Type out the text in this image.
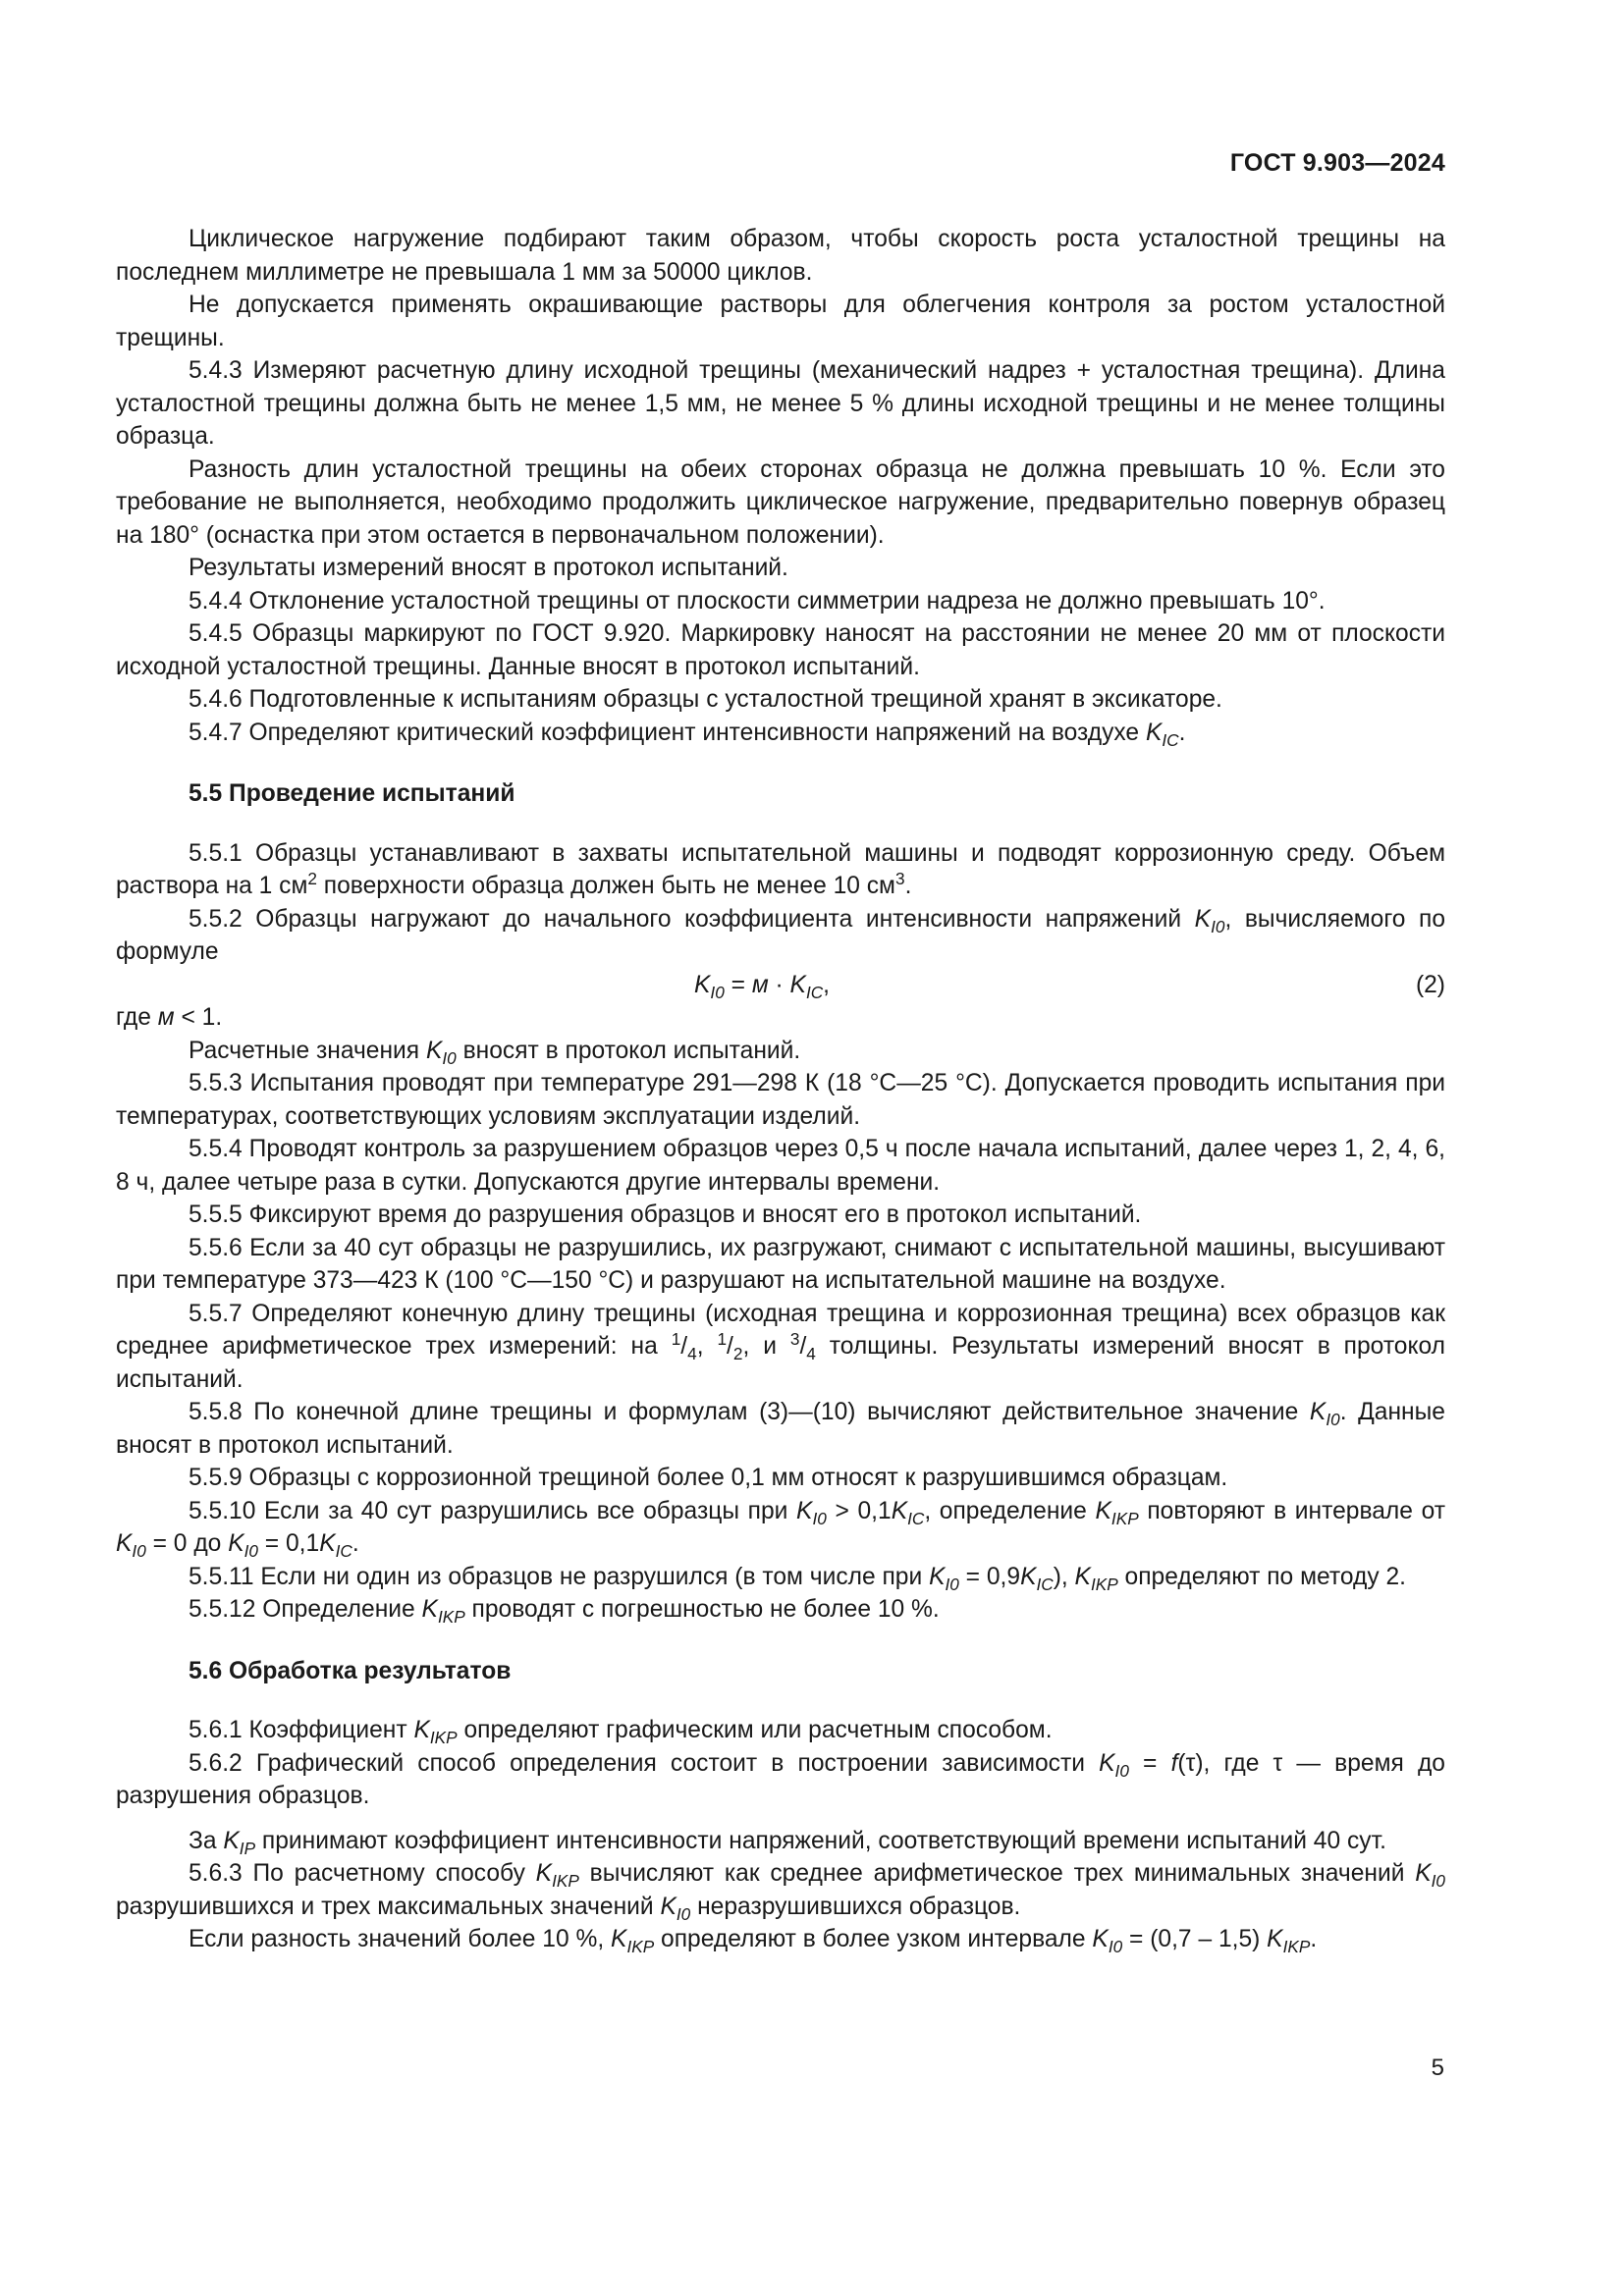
ГОСТ 9.903—2024

Циклическое нагружение подбирают таким образом, чтобы скорость роста усталостной трещины на последнем миллиметре не превышала 1 мм за 50000 циклов.

Не допускается применять окрашивающие растворы для облегчения контроля за ростом усталостной трещины.

5.4.3 Измеряют расчетную длину исходной трещины (механический надрез + усталостная трещина). Длина усталостной трещины должна быть не менее 1,5 мм, не менее 5 % длины исходной трещины и не менее толщины образца.

Разность длин усталостной трещины на обеих сторонах образца не должна превышать 10 %. Если это требование не выполняется, необходимо продолжить циклическое нагружение, предварительно повернув образец на 180° (оснастка при этом остается в первоначальном положении).

Результаты измерений вносят в протокол испытаний.

5.4.4 Отклонение усталостной трещины от плоскости симметрии надреза не должно превышать 10°.

5.4.5 Образцы маркируют по ГОСТ 9.920. Маркировку наносят на расстоянии не менее 20 мм от плоскости исходной усталостной трещины. Данные вносят в протокол испытаний.

5.4.6 Подготовленные к испытаниям образцы с усталостной трещиной хранят в эксикаторе.

5.4.7 Определяют критический коэффициент интенсивности напряжений на воздухе $K_{IC}$.

5.5 Проведение испытаний

5.5.1 Образцы устанавливают в захваты испытательной машины и подводят коррозионную среду. Объем раствора на 1 $см^2$ поверхности образца должен быть не менее 10 $см^3$.

5.5.2 Образцы нагружают до начального коэффициента интенсивности напряжений $K_{I0}$, вычисляемого по формуле

$K_{I0} = м \cdot K_{IC}$,	(2)

где м < 1.

Расчетные значения $K_{I0}$ вносят в протокол испытаний.

5.5.3 Испытания проводят при температуре 291—298 К (18 °С—25 °С). Допускается проводить испытания при температурах, соответствующих условиям эксплуатации изделий.

5.5.4 Проводят контроль за разрушением образцов через 0,5 ч после начала испытаний, далее через 1, 2, 4, 6, 8 ч, далее четыре раза в сутки. Допускаются другие интервалы времени.

5.5.5 Фиксируют время до разрушения образцов и вносят его в протокол испытаний.

5.5.6 Если за 40 сут образцы не разрушились, их разгружают, снимают с испытательной машины, высушивают при температуре 373—423 К (100 °С—150 °С) и разрушают на испытательной машине на воздухе.

5.5.7 Определяют конечную длину трещины (исходная трещина и коррозионная трещина) всех образцов как среднее арифметическое трех измерений: на $^1/_4$, $^1/_2$, и $^3/_4$ толщины. Результаты измерений вносят в протокол испытаний.

5.5.8 По конечной длине трещины и формулам (3)—(10) вычисляют действительное значение $K_{I0}$. Данные вносят в протокол испытаний.

5.5.9 Образцы с коррозионной трещиной более 0,1 мм относят к разрушившимся образцам.

5.5.10 Если за 40 сут разрушились все образцы при $K_{I0} > 0,1K_{IC}$, определение $K_{IKP}$ повторяют в интервале от $K_{I0} = 0$ до $K_{I0} = 0,1K_{IC}$.

5.5.11 Если ни один из образцов не разрушился (в том числе при $K_{I0} = 0,9K_{IC}$), $K_{IKP}$ определяют по методу 2.

5.5.12 Определение $K_{IKP}$ проводят с погрешностью не более 10 %.

5.6 Обработка результатов

5.6.1 Коэффициент $K_{IKP}$ определяют графическим или расчетным способом.

5.6.2 Графический способ определения состоит в построении зависимости $K_{I0} = f(\tau)$, где τ — время до разрушения образцов.

За $K_{IP}$ принимают коэффициент интенсивности напряжений, соответствующий времени испытаний 40 сут.

5.6.3 По расчетному способу $K_{IKP}$ вычисляют как среднее арифметическое трех минимальных значений $K_{I0}$ разрушившихся и трех максимальных значений $K_{I0}$ неразрушившихся образцов.

Если разность значений более 10 %, $K_{IKP}$ определяют в более узком интервале $K_{I0} = (0,7 - 1,5)$ $K_{IKP}$.

5
